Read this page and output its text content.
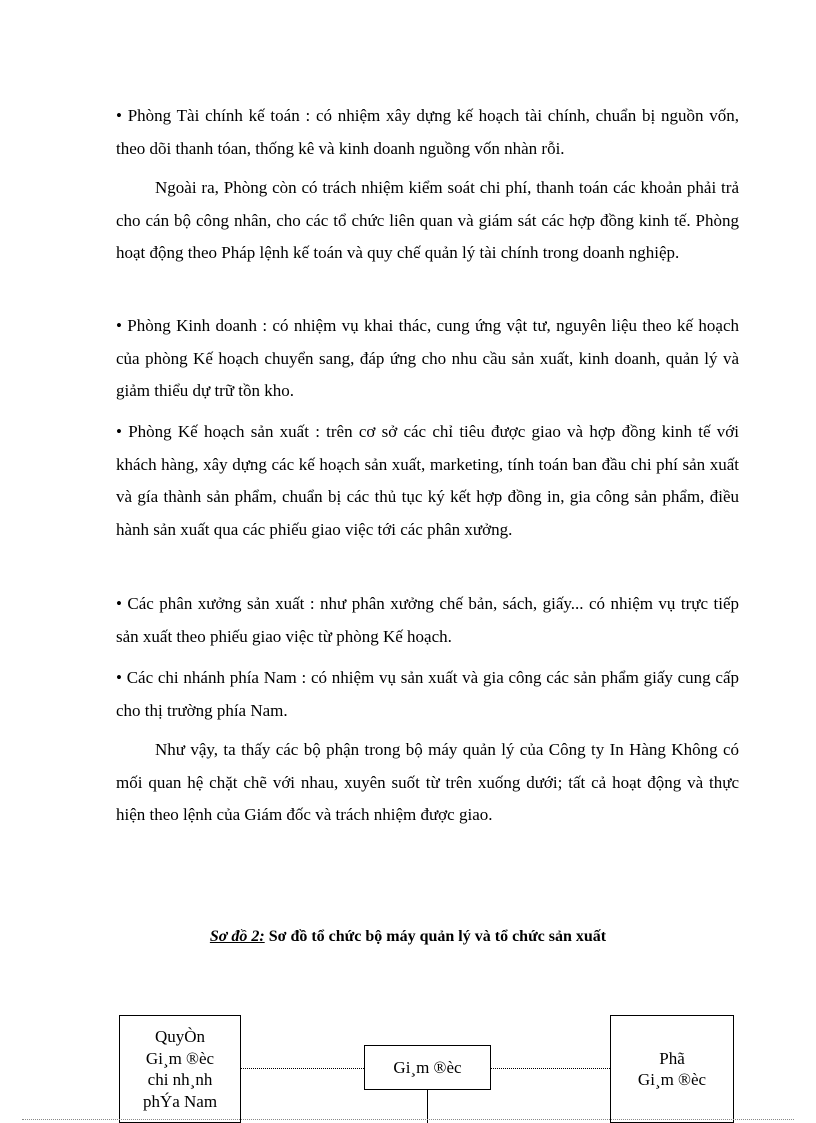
• Phòng Tài chính kế toán : có nhiệm xây dựng kế hoạch tài chính, chuẩn bị nguồn vốn, theo dõi thanh tóan, thống kê và kinh doanh nguồng vốn nhàn rỗi.

Ngoài ra, Phòng còn có trách nhiệm kiểm soát chi phí, thanh toán các khoản phải trả cho cán bộ công nhân, cho các tổ chức liên quan và giám sát các hợp đồng kinh tế. Phòng hoạt động theo Pháp lệnh kế toán và quy chế quản lý tài chính trong doanh nghiệp.

• Phòng Kinh doanh : có nhiệm vụ khai thác, cung ứng vật tư, nguyên liệu theo kế hoạch của phòng Kế hoạch chuyển sang, đáp ứng cho nhu cầu sản xuất, kinh doanh, quản lý và giảm thiểu dự trữ tồn kho.

• Phòng Kế hoạch sản xuất : trên cơ sở các chỉ tiêu được giao và hợp đồng kinh tế với khách hàng, xây dựng các kế hoạch sản xuất, marketing, tính toán ban đầu chi phí sản xuất và gía thành sản phẩm, chuẩn bị các thủ tục ký kết hợp đồng in, gia công sản phẩm, điều hành sản xuất qua các phiếu giao việc tới các phân xưởng.

• Các phân xưởng sản xuất : như phân xưởng chế bản, sách, giấy... có nhiệm vụ trực tiếp sản xuất theo phiếu giao việc từ phòng Kế hoạch.

• Các chi nhánh phía Nam : có nhiệm vụ sản xuất và gia công các sản phẩm giấy cung cấp cho thị trường phía Nam.

Như vậy, ta thấy các bộ phận trong bộ máy quản lý của Công ty In Hàng Không có mối quan hệ chặt chẽ với nhau, xuyên suốt từ trên xuống dưới; tất cả hoạt động và thực hiện theo lệnh của Giám đốc và trách nhiệm được giao.

Sơ đồ 2: Sơ đồ tổ chức bộ máy quản lý và tổ chức sản xuất
QuyÒn
Gi¸m ®èc
chi nh¸nh
phÝa Nam
Gi¸m ®èc	Phã
Gi¸m ®èc
